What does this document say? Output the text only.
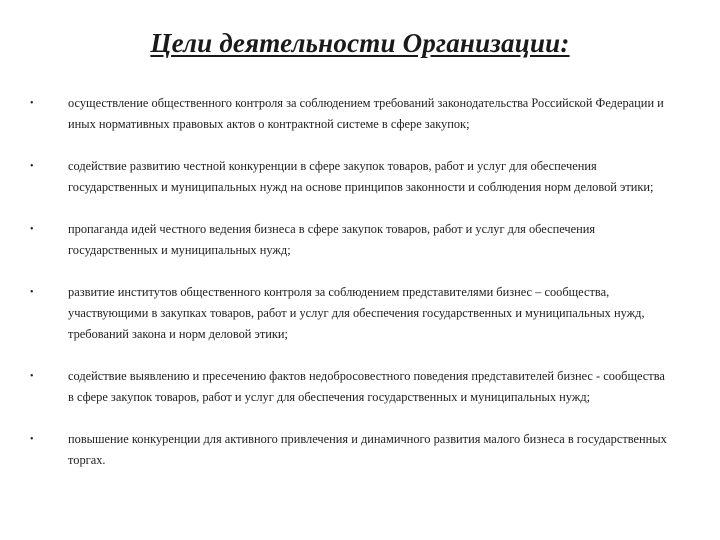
Цели деятельности Организации:
•	осуществление общественного контроля за соблюдением требований законодательства Российской Федерации и иных нормативных правовых актов о контрактной системе в сфере закупок;
•	содействие развитию честной конкуренции в сфере закупок товаров, работ и услуг для обеспечения государственных и муниципальных нужд на основе принципов законности и соблюдения норм деловой этики;
•	пропаганда идей честного ведения бизнеса в сфере закупок товаров, работ и услуг для обеспечения государственных и муниципальных нужд;
•	развитие институтов общественного контроля за соблюдением представителями бизнес – сообщества, участвующими в закупках товаров, работ и услуг для обеспечения государственных и муниципальных нужд, требований закона и норм деловой этики;
•	содействие выявлению и пресечению фактов недобросовестного поведения представителей бизнес - сообщества в сфере закупок товаров, работ и услуг для обеспечения государственных и муниципальных нужд;
•	повышение конкуренции для активного привлечения и динамичного развития малого бизнеса в государственных торгах.
